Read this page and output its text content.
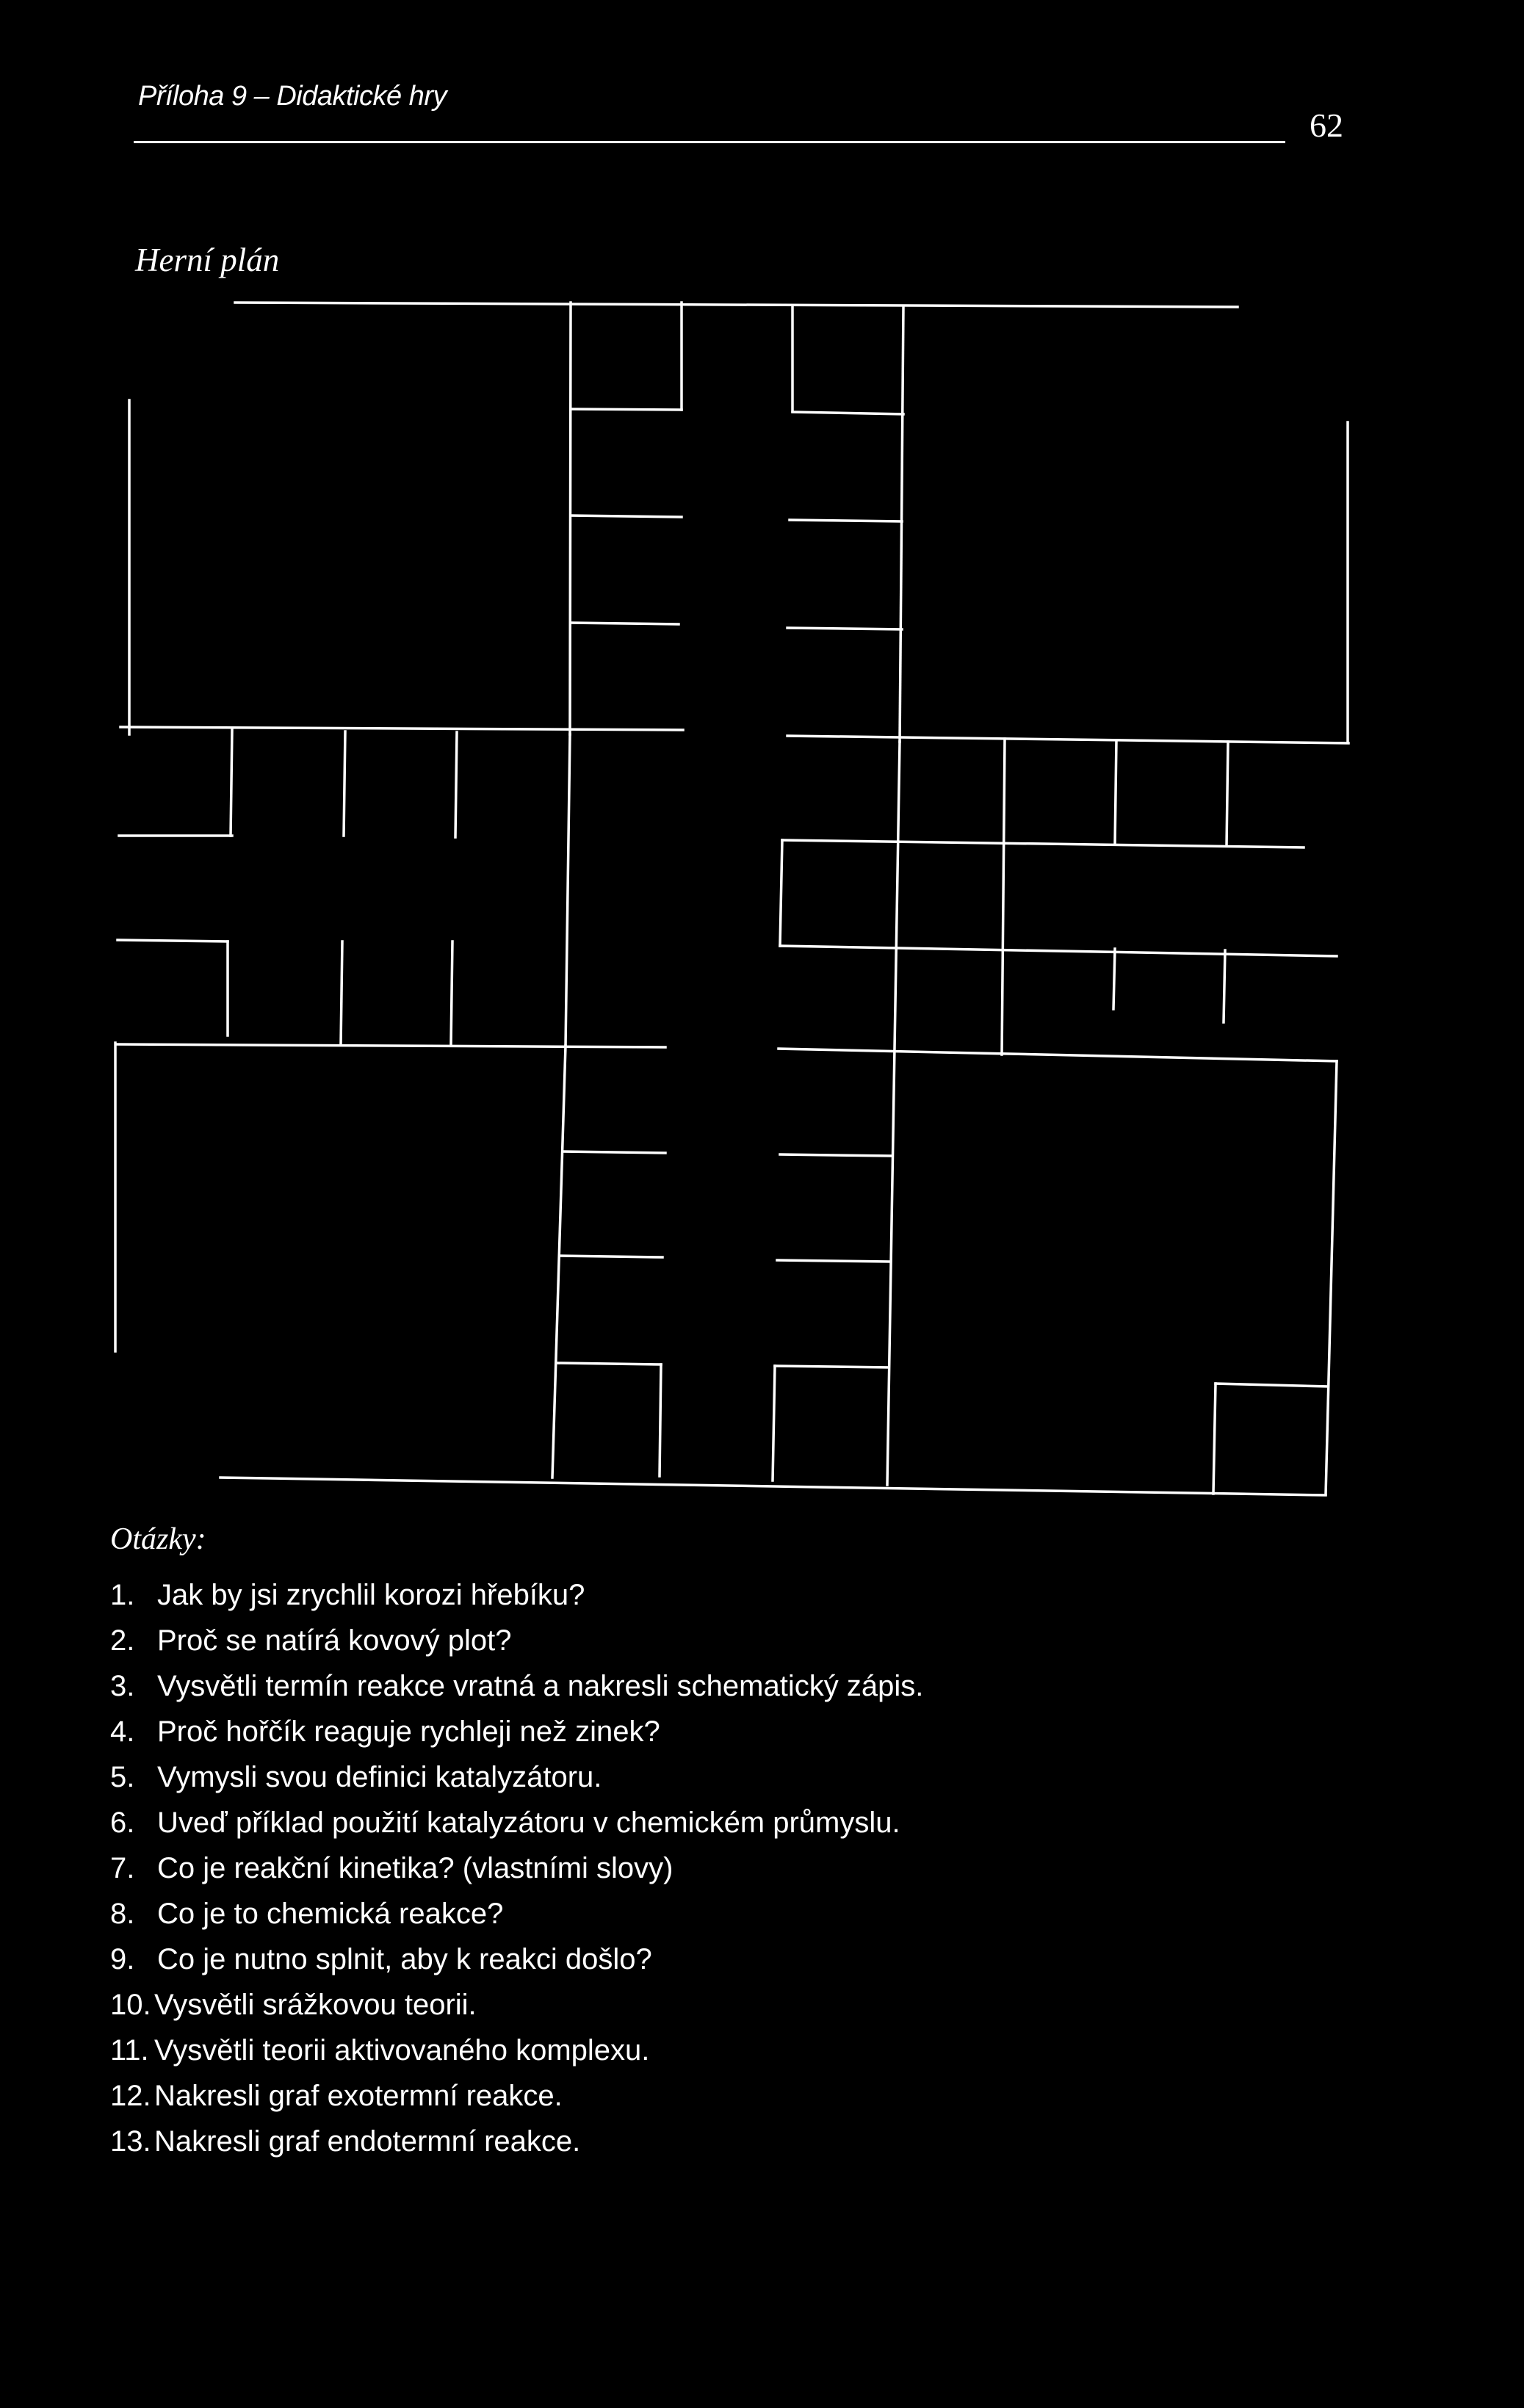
Příloha 9 – Didaktické hry
62
Herní plán
Otázky:
1. Jak by jsi zrychlil korozi hřebíku?
2. Proč se natírá kovový plot?
3. Vysvětli termín reakce vratná a nakresli schematický zápis.
4. Proč hořčík reaguje rychleji než zinek?
5. Vymysli svou definici katalyzátoru.
6. Uveď příklad použití katalyzátoru v chemickém průmyslu.
7. Co je reakční kinetika? (vlastními slovy)
8. Co je to chemická reakce?
9. Co je nutno splnit, aby k reakci došlo?
10. Vysvětli srážkovou teorii.
11. Vysvětli teorii aktivovaného komplexu.
12. Nakresli graf exotermní reakce.
13. Nakresli graf endotermní reakce.
